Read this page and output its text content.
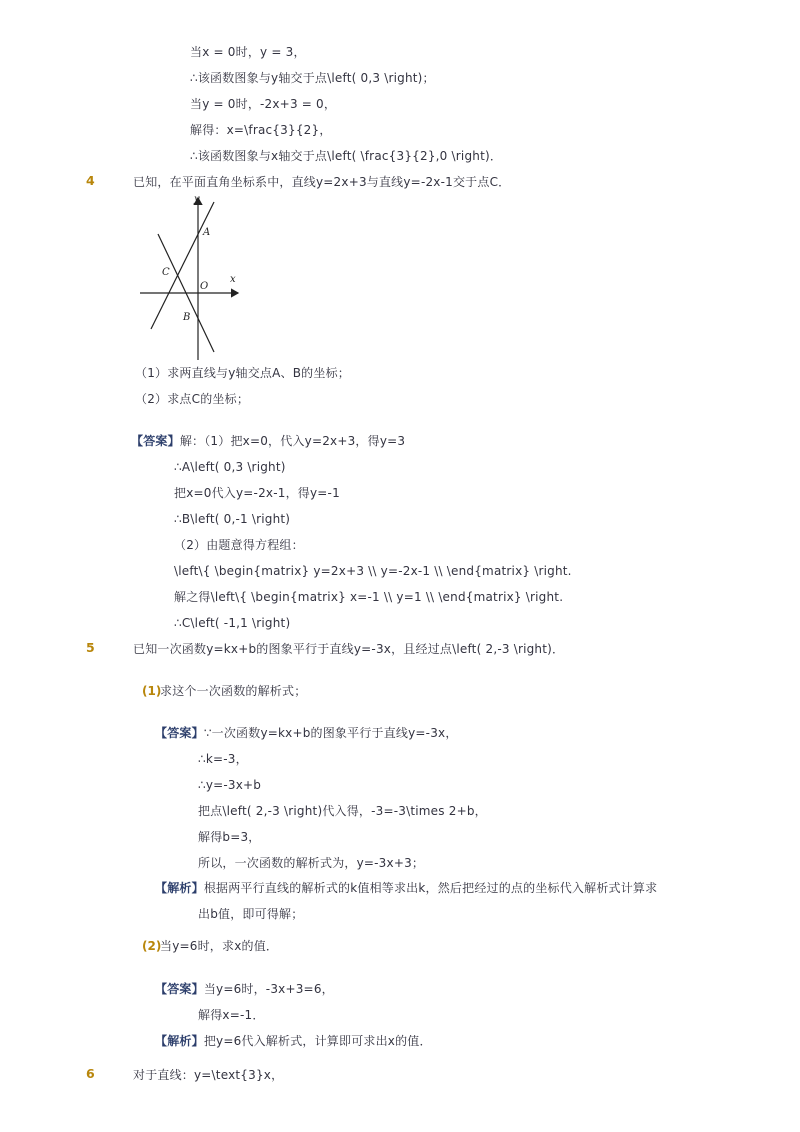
当x = 0时，y = 3，
∴该函数图象与y轴交于点\left( 0,3 \right)；
当y = 0时，-2x+3 = 0，
解得：x=\frac{3}{2}，
∴该函数图象与x轴交于点\left( \frac{3}{2},0 \right)．
4	已知，在平面直角坐标系中，直线y=2x+3与直线y=-2x-1交于点C．
y
x
A
C
O
B
（1）求两直线与y轴交点A、B的坐标；
（2）求点C的坐标；
【答案】解：（1）把x=0，代入y=2x+3，得y=3
∴A\left( 0,3 \right)
把x=0代入y=-2x-1，得y=-1
∴B\left( 0,-1 \right)
（2）由题意得方程组：
\left\{ \begin{matrix} y=2x+3 \\ y=-2x-1 \\ \end{matrix} \right.
解之得\left\{ \begin{matrix} x=-1 \\ y=1 \\ \end{matrix} \right.
∴C\left( -1,1 \right)
5	已知一次函数y=kx+b的图象平行于直线y=-3x，且经过点\left( 2,-3 \right)．
(1)
求这个一次函数的解析式；
【答案】∵一次函数y=kx+b的图象平行于直线y=-3x，
∴k=-3，
∴y=-3x+b
把点\left( 2,-3 \right)代入得，-3=-3\times 2+b，
解得b=3，
所以，一次函数的解析式为，y=-3x+3；
【解析】根据两平行直线的解析式的k值相等求出k，然后把经过的点的坐标代入解析式计算求
出b值，即可得解；
(2)
当y=6时，求x的值．
【答案】当y=6时，-3x+3=6，
解得x=-1．
【解析】把y=6代入解析式，计算即可求出x的值．
6	对于直线：y=\text{3}x，
